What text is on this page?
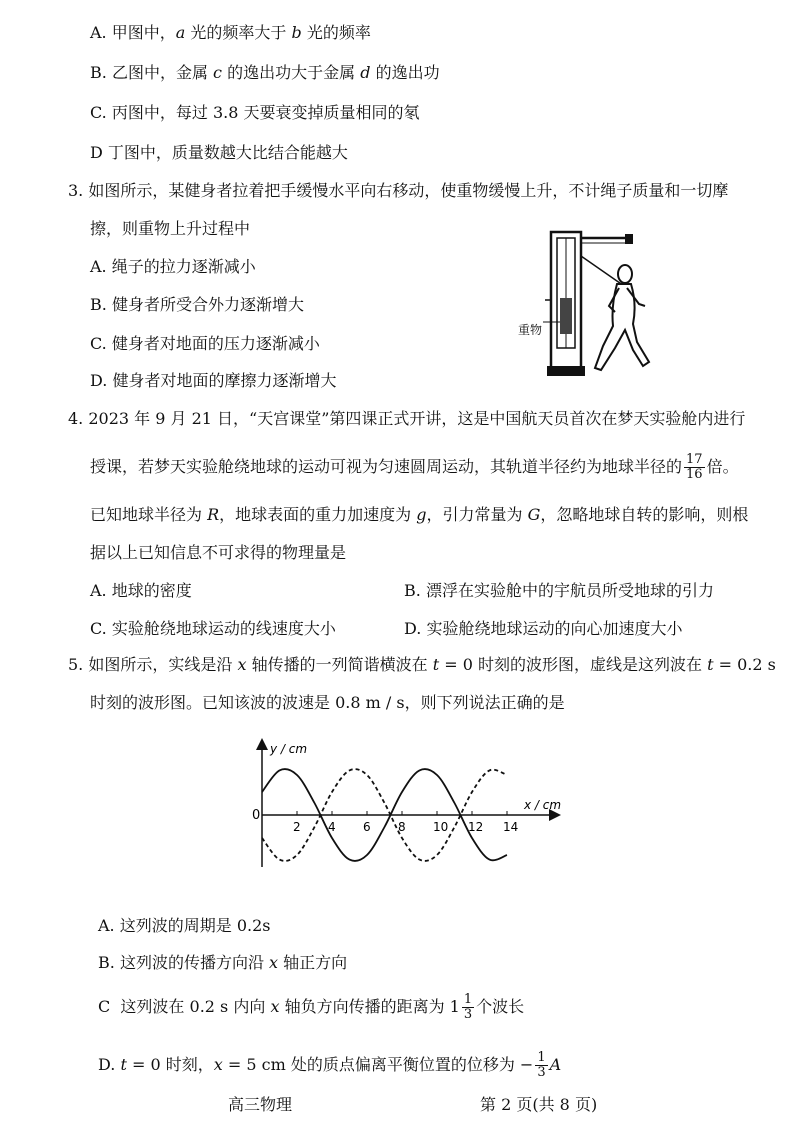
A. 甲图中，a 光的频率大于 b 光的频率
B. 乙图中，金属 c 的逸出功大于金属 d 的逸出功
C. 丙图中，每过 3.8 天要衰变掉质量相同的氡
D 丁图中，质量数越大比结合能越大
3. 如图所示，某健身者拉着把手缓慢水平向右移动，使重物缓慢上升，不计绳子质量和一切摩
擦，则重物上升过程中
A. 绳子的拉力逐渐减小
B. 健身者所受合外力逐渐增大
C. 健身者对地面的压力逐渐减小
D. 健身者对地面的摩擦力逐渐增大
重物
4. 2023 年 9 月 21 日，“天宫课堂”第四课正式开讲，这是中国航天员首次在梦天实验舱内进行
授课，若梦天实验舱绕地球的运动可视为匀速圆周运动，其轨道半径约为地球半径的 $\frac{17}{16}$ 倍。
已知地球半径为 R，地球表面的重力加速度为 g，引力常量为 G，忽略地球自转的影响，则根
据以上已知信息不可求得的物理量是
A. 地球的密度	B. 漂浮在实验舱中的宇航员所受地球的引力
C. 实验舱绕地球运动的线速度大小	D. 实验舱绕地球运动的向心加速度大小
5. 如图所示，实线是沿 x 轴传播的一列简谐横波在 t = 0 时刻的波形图，虚线是这列波在 t = 0.2 s
时刻的波形图。已知该波的波速是 0.8 m / s，则下列说法正确的是
y / cm
x / cm
0
2 4 6 8 10 12 14
A. 这列波的周期是 0.2s
B. 这列波的传播方向沿 x 轴正方向
C
这列波在 0.2 s 内向
x
轴负方向传播的距离为 $1 \frac{1}{3}$ 个波长
D.
t
= 0 时刻， x
= 5 cm 处的质点偏离平衡位置的位移为 − $\frac{1}{3}$ A
高三物理	第 2 页(共 8 页)
